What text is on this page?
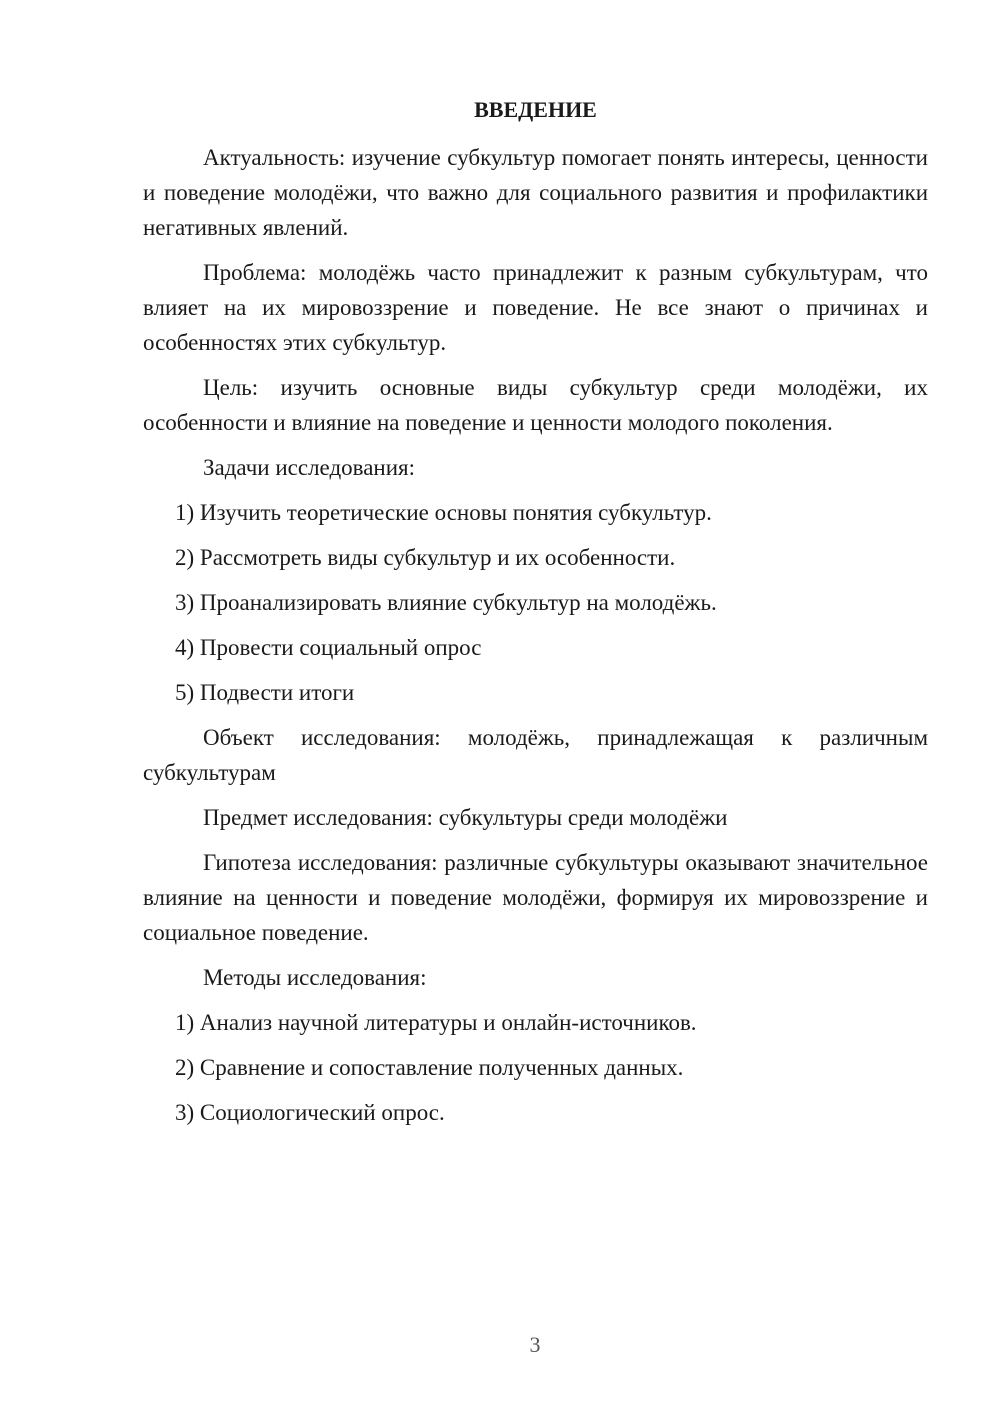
ВВЕДЕНИЕ

Актуальность: изучение субкультур помогает понять интересы, ценности и поведение молодёжи, что важно для социального развития и профилактики негативных явлений.

Проблема: молодёжь часто принадлежит к разным субкультурам, что влияет на их мировоззрение и поведение. Не все знают о причинах и особенностях этих субкультур.

Цель: изучить основные виды субкультур среди молодёжи, их особенности и влияние на поведение и ценности молодого поколения.

Задачи исследования:

1) Изучить теоретические основы понятия субкультур.

2) Рассмотреть виды субкультур и их особенности.

3) Проанализировать влияние субкультур на молодёжь.

4) Провести социальный опрос

5) Подвести итоги

Объект исследования: молодёжь, принадлежащая к различным субкультурам

Предмет исследования: субкультуры среди молодёжи

Гипотеза исследования: различные субкультуры оказывают значительное влияние на ценности и поведение молодёжи, формируя их мировоззрение и социальное поведение.

Методы исследования:

1) Анализ научной литературы и онлайн-источников.

2) Сравнение и сопоставление полученных данных.

3) Социологический опрос.

3
